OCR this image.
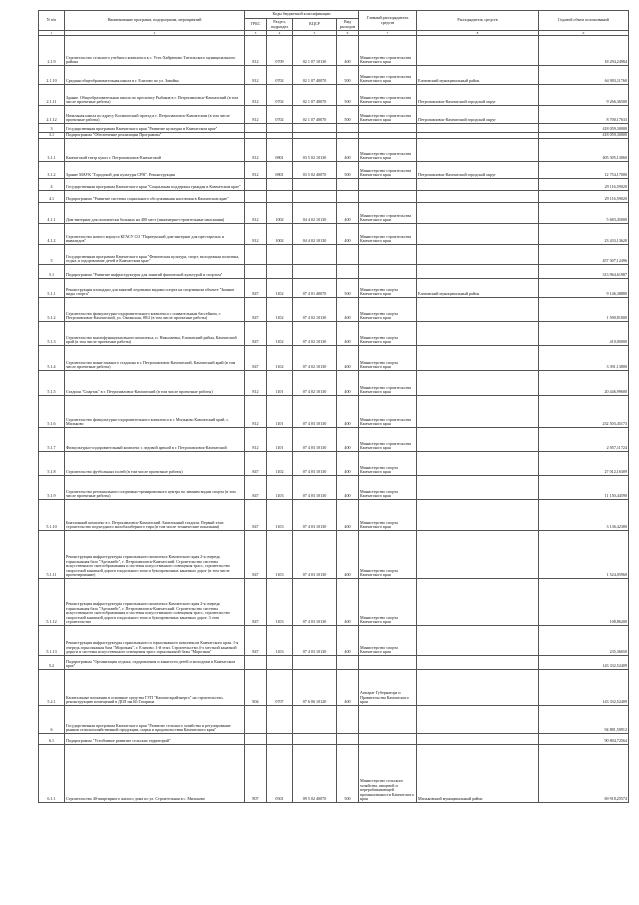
N п/п	Наименование программ, подпрограмм, мероприятий	Коды бюджетной классификации				Главный распорядитель средств	Распорядитель средств	Годовой объем ассигнований
		ГРБС	Раздел, подраздел	КЦСР	Вид расходов			
1	2	3	4	5	6	7	8	9
2.1.9	Строительство сельского учебного комплекса в с. Усть-Хайрюзово Тигильского муниципального района	812	0709	02 1 07 10130	400	Министерство строительства Камчатского края		18 294,24984
2.1.10	Средняя общеобразовательная школа в г. Елизово по ул. Завойко	812	0702	02 1 07 40070	500	Министерство строительства Камчатского края	Елизовский муниципальный район	64 903,11760
2.1.11	Здание. Общеобразовательная школа по проспекту Рыбаков в г. Петропавловск-Камчатский (в том числе проектные работы)	812	0702	02 1 07 40070	500	Министерство строительства Камчатского края	Петропавловск-Камчатский городской округ	9 266,36500
2.1.12	Начальная школа по адресу Космический проезд в г. Петропавловск-Камчатском (в том числе проектные работы)	812	0702	02 1 07 40070	500	Министерство строительства Камчатского края	Петропавловск-Камчатский городской округ	8 700,17633
3	Государственная программа Камчатского края "Развитие культуры в Камчатском крае"							418 059,30000
3.1	Подпрограмма "Обеспечение реализации Программы"							418 059,30000
3.1.1	Камчатский театр кукол г. Петропавловск-Камчатский	812	0801	03 5 02 10130	400	Министерство строительства Камчатского края		405 305,13060
3.1.2	Здание МАУК "Городской дом культуры СРВ". Реконструкция	812	0801	03 5 02 40070	500	Министерство строительства Камчатского края	Петропавловск-Камчатский городской округ	12 754,17000
4	Государственная программа Камчатского края "Социальная поддержка граждан в Камчатском крае"							29 116,59020
4.1	Подпрограмма "Развитие системы социального обслуживания населения в Камчатском крае"							29 116,59020
4.1.1	Дом-интернат для психически больных на 400 мест (инженерно-строительные изыскания)	812	1002	04 4 02 10130	400	Министерство строительства Камчатского края		5 683,45000
4.1.2	Строительство нового корпуса КГАСУ СО "Паратунский дом-интернат для престарелых и инвалидов"	812	1002	04 4 02 10130	400	Министерство строительства Камчатского края		23 433,13620
5	Государственная программа Камчатского края "Физическая культура, спорт, молодежная политика, отдых и оздоровление детей в Камчатском крае"							457 307,12496
5.1	Подпрограмма "Развитие инфраструктуры для занятий физической культурой и спортом"							313 964,61987
5.1.1	Реконструкция площадки для занятий ледовыми видами спорта на спортивном объекте "Зимние виды спорта"	847	1102	07 4 01 40070	500	Министерство спорта Камчатского края	Елизовский муниципальный район	9 146,38880
5.1.2	Строительство физкультурно-оздоровительного комплекса с плавательным бассейном, г. Петропавловск-Камчатский, ул. Океанская, 88/2 (в том числе проектные работы)	847	1102	07 4 02 10130	400	Министерство спорта Камчатского края		1 590,81000
5.1.3	Строительство многофункционального комплекса, п. Николаевка, Елизовский район, Камчатский край (в том числе проектные работы)	847	1102	07 4 02 10130	400	Министерство спорта Камчатского края		410,00000
5.1.4	Строительство мини-лыжного стадиона в г. Петропавловск-Камчатский, Камчатский край (в том числе проектные работы)	847	1102	07 4 02 10130	400	Министерство спорта Камчатского края		3 391,13800
5.1.5	Стадион "Спартак" в г. Петропавловск-Камчатский (в том числе проектные работы)	812	1101	07 4 02 10130	400	Министерство строительства Камчатского края		20 446,99600
5.1.6	Строительство физкультурно-оздоровительного комплекса в г. Мильково Камчатский край, с. Мильково	812	1101	07 4 03 10130	400	Министерство строительства Камчатского края		232 503,45173
5.1.7	Физкультурно-оздоровительный комплекс с ледовой ареной в г. Петропавловск-Камчатский	812	1101	07 4 03 10130	400	Министерство строительства Камчатского края		2 057,11724
5.1.8	Строительство футбольных полей (в том числе проектные работы)	847	1102	07 4 03 10130	400	Министерство спорта Камчатского края		27 012,16309
5.1.9	Строительство регионального спортивно-тренировочного центра по зимним видам спорта (в том числе проектные работы)	847	1103	07 4 03 10130	400	Министерство спорта Камчатского края		11 150,44590
5.1.10	Биатлонный комплекс в г. Петропавловск-Камчатский. Биатлонный стадион. Первый этап: строительство подъездного малобалаберного тира (в том числе технические показания)	847	1103	07 4 03 10130	400	Министерство спорта Камчатского края		3 136,42380
5.1.11	Реконструкция инфраструктуры горнолыжного комплекса Камчатского края 2-я очередь горнолыжная база "Эдельвейс", г. Петропавловск-Камчатский. Строительство системы искусственного снегообразования и системы искусственного освещения трасс, строительство скоростной канатной дороги гондольного типа и буксировочных канатных дорог (в том числе проектирование)	847	1103	07 4 03 10130	400	Министерство спорта Камчатского края		1 524,05960
5.1.12	Реконструкция инфраструктуры горнолыжного комплекса Камчатского края 2-я очередь горнолыжная база "Эдельвейс", г. Петропавловск-Камчатский. Строительство системы искусственного снегообразования и системы искусственного освещения трасс, строительство скоростной канатной дороги гондольного типа и буксировочных канатных дорог. 3 этап строительства	847	1103	07 4 03 10130	400	Министерство спорта Камчатского края		108,86200
5.1.13	Реконструкция инфраструктуры горнолыжного и горнолыжного комплексов Камчатского края. 1-я очередь горнолыжная база "Морозная", г. Елизово. 1-й этап. Строительство 4-х местной канатной дороги и системы искусственного освещения трасс горнолыжной базы "Морозная"	847	1103	07 4 03 10130	400	Министерство спорта Камчатского края		235,36650
5.2	Подпрограмма "Организация отдыха, оздоровления и занятости детей и молодежи в Камчатском крае"							143 332,52409
5.2.1	Капитальные вложения в основные средства ГУП "Камчатскрайэнерго" на строительство, реконструкцию помещений в ДОЛ им.Ю.Гагарина	804	0707	07 6 06 10120	400	Аппарат Губернатора и Правительства Камчатского края		143 332,52409
6	Государственная программа Камчатского края "Развитие сельского хозяйства и регулирование рынков сельскохозяйственной продукции, сырья и продовольствия Камчатского края"							94 881,50912
6.1	Подпрограмма "Устойчивое развитие сельских территорий"							90 804,72564
6.1.1	Строительство 40-квартирного жилого дома по ул. Строительная в с. Мильково	807	0501	09 5 02 40070	500	Министерство сельского хозяйства, пищевой и перерабатывающей промышленности Камчатского края	Мильковский муниципальный район	69 918,25574
